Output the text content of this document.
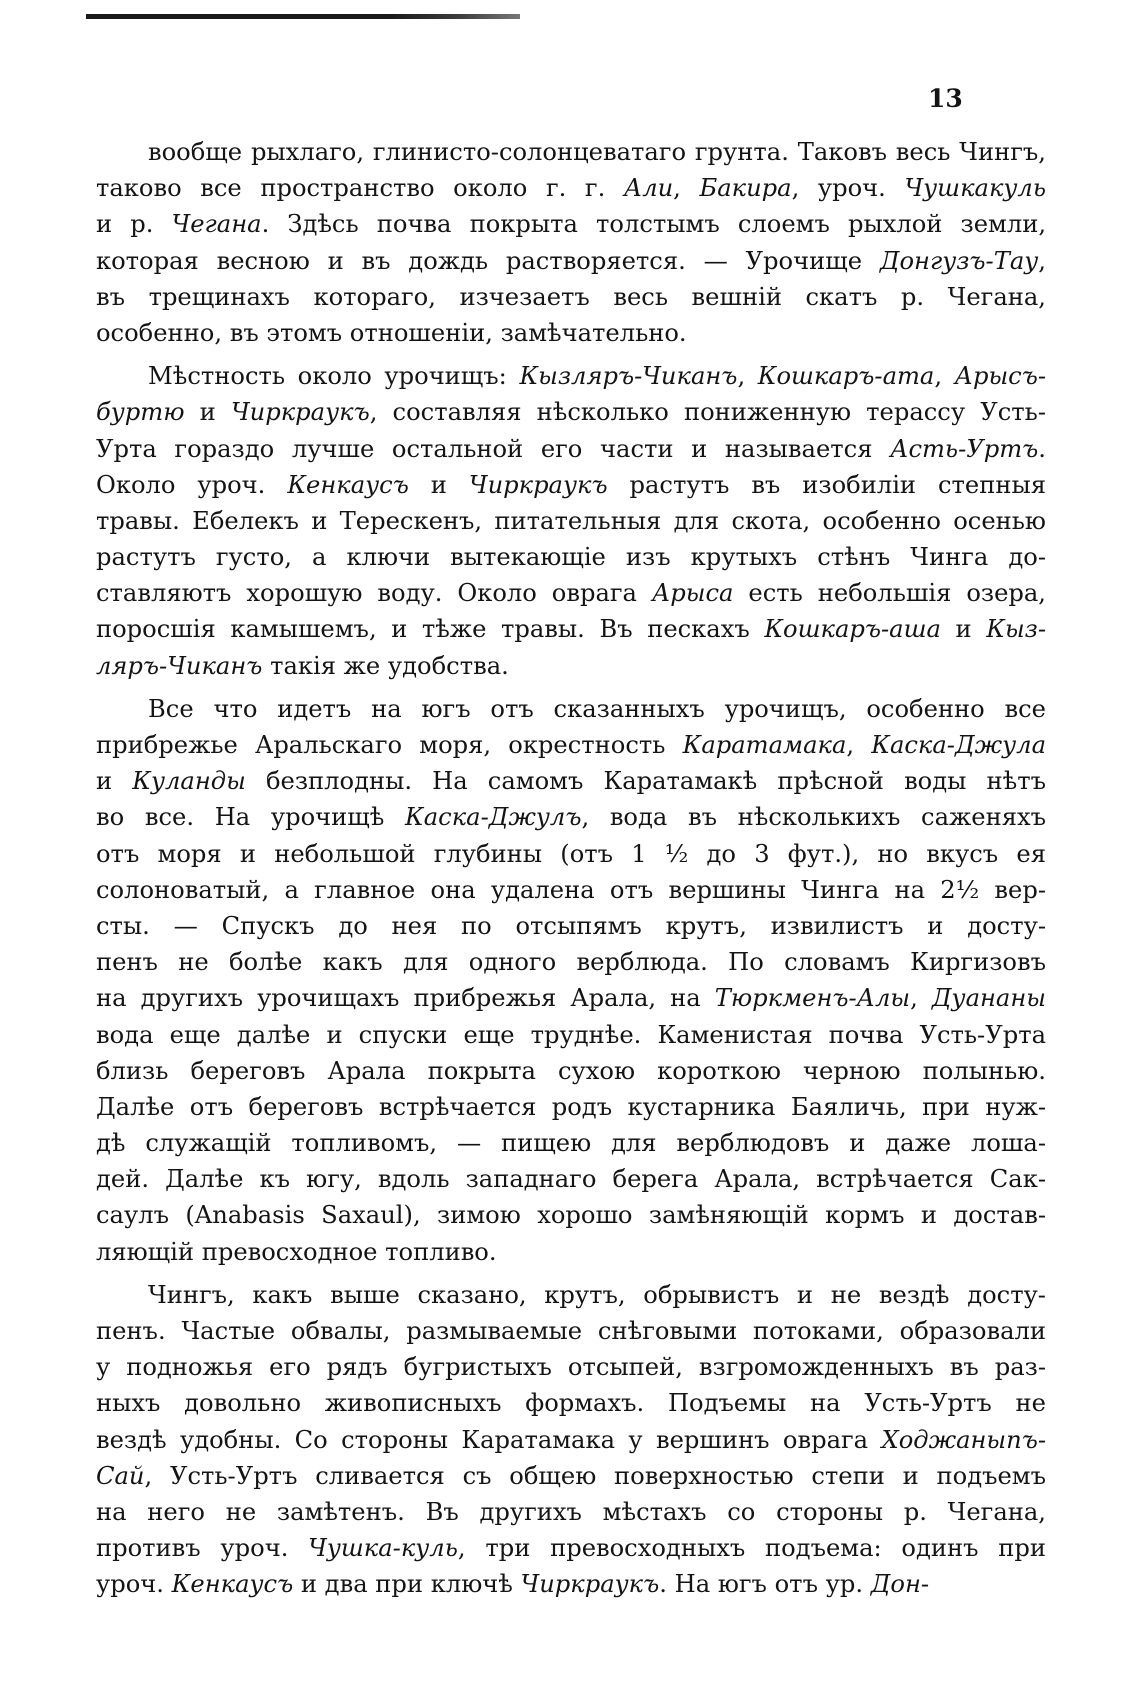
13
вообще рыхлаго, глинисто-солонцеватаго грунта. Таковъ весь Чингъ,
таково все пространство около г. г. Али, Бакира, уроч. Чушкакуль
и р. Чегана. Здѣсь почва покрыта толстымъ слоемъ рыхлой земли,
которая весною и въ дождь растворяется. — Урочище Донгузъ-Тау,
въ трещинахъ котораго, изчезаетъ весь вешній скатъ р. Чегана,
особенно, въ этомъ отношеніи, замѣчательно.
Мѣстность около урочищъ: Кызляръ-Чиканъ, Кошкаръ-ата, Арысъ-
буртю и Чиркраукъ, составляя нѣсколько пониженную терассу Усть-
Урта гораздо лучше остальной его части и называется Асть-Уртъ.
Около уроч. Кенкаусъ и Чиркраукъ растутъ въ изобиліи степныя
травы. Ебелекъ и Терескенъ, питательныя для скота, особенно осенью
растутъ густо, а ключи вытекающіе изъ крутыхъ стѣнъ Чинга до-
ставляютъ хорошую воду. Около оврага Арыса есть небольшія озера,
поросшія камышемъ, и тѣже травы. Въ пескахъ Кошкаръ-аша и Кыз-
ляръ-Чиканъ такія же удобства.
Все что идетъ на югъ отъ сказанныхъ урочищъ, особенно все
прибрежье Аральскаго моря, окрестность Каратамака, Каска-Джула
и Куланды безплодны. На самомъ Каратамакѣ прѣсной воды нѣтъ
во все. На урочищѣ Каска-Джулъ, вода въ нѣсколькихъ саженяхъ
отъ моря и небольшой глубины (отъ 1 ½ до 3 фут.), но вкусъ ея
солоноватый, а главное она удалена отъ вершины Чинга на 2½ вер-
сты. — Спускъ до нея по отсыпямъ крутъ, извилистъ и досту-
пенъ не болѣе какъ для одного верблюда. По словамъ Киргизовъ
на другихъ урочищахъ прибрежья Арала, на Тюркменъ-Алы, Дуананы
вода еще далѣе и спуски еще труднѣе. Каменистая почва Усть-Урта
близь береговъ Арала покрыта сухою короткою черною полынью.
Далѣе отъ береговъ встрѣчается родъ кустарника Баяличь, при нуж-
дѣ служащій топливомъ, — пищею для верблюдовъ и даже лоша-
дей. Далѣе къ югу, вдоль западнаго берега Арала, встрѣчается Сак-
саулъ (Anabasis Saxaul), зимою хорошо замѣняющій кормъ и достав-
ляющій превосходное топливо.
Чингъ, какъ выше сказано, крутъ, обрывистъ и не вездѣ досту-
пенъ. Частые обвалы, размываемые снѣговыми потоками, образовали
у подножья его рядъ бугристыхъ отсыпей, взгроможденныхъ въ раз-
ныхъ довольно живописныхъ формахъ. Подъемы на Усть-Уртъ не
вездѣ удобны. Со стороны Каратамака у вершинъ оврага Ходжаныпъ-
Сай, Усть-Уртъ сливается съ общею поверхностью степи и подъемъ
на него не замѣтенъ. Въ другихъ мѣстахъ со стороны р. Чегана,
противъ уроч. Чушка-куль, три превосходныхъ подъема: одинъ при
уроч. Кенкаусъ и два при ключѣ Чиркраукъ. На югъ отъ ур. Дон-
